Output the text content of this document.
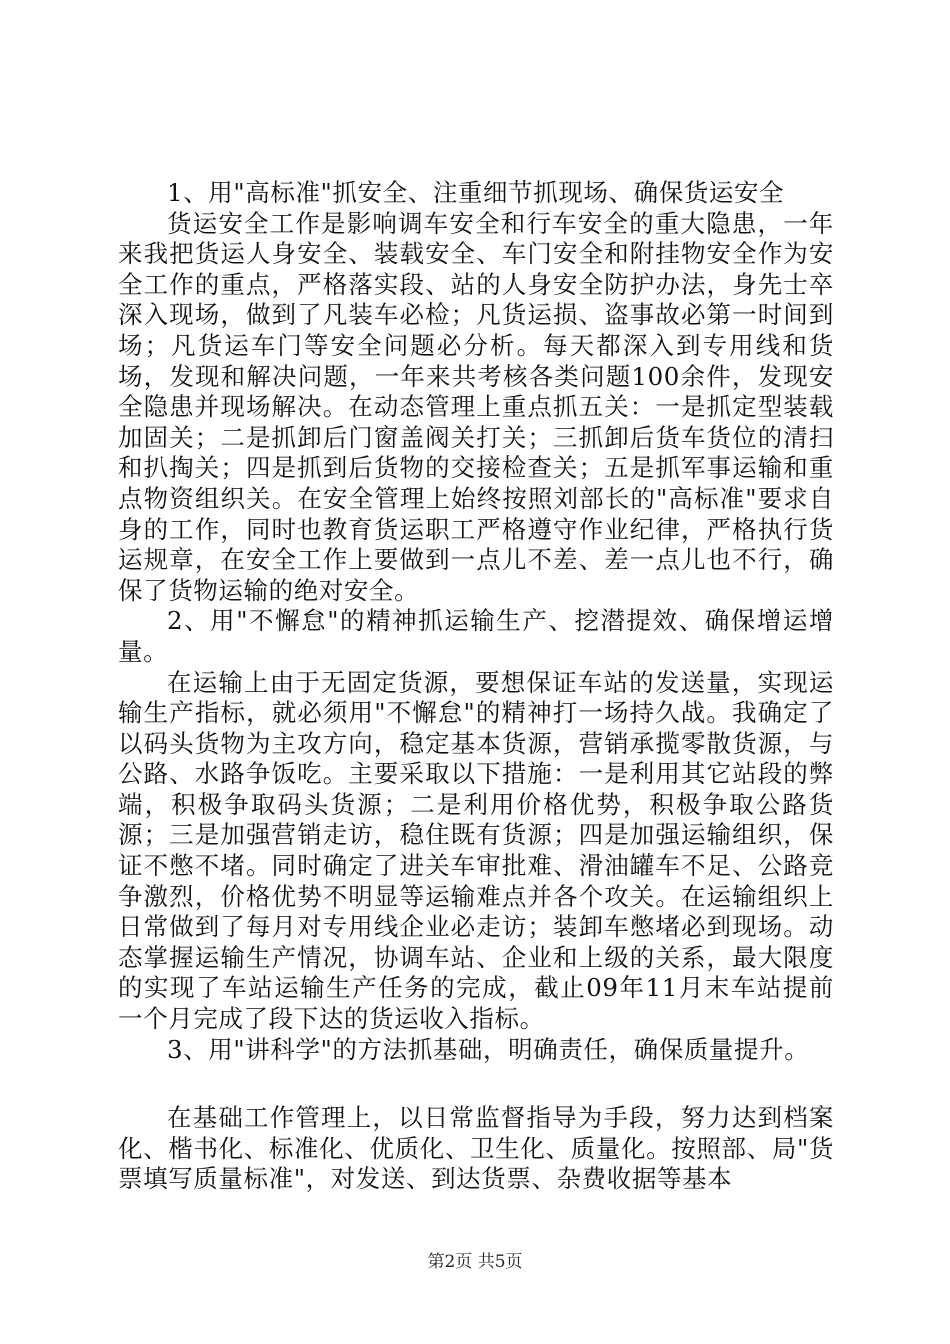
1、用"高标准"抓安全、注重细节抓现场、确保货运安全

货运安全工作是影响调车安全和行车安全的重大隐患，一年来我把货运人身安全、装载安全、车门安全和附挂物安全作为安全工作的重点，严格落实段、站的人身安全防护办法，身先士卒深入现场，做到了凡装车必检；凡货运损、盗事故必第一时间到场；凡货运车门等安全问题必分析。每天都深入到专用线和货场，发现和解决问题，一年来共考核各类问题100余件，发现安全隐患并现场解决。在动态管理上重点抓五关：一是抓定型装载加固关；二是抓卸后门窗盖阀关打关；三抓卸后货车货位的清扫和扒掏关；四是抓到后货物的交接检查关；五是抓军事运输和重点物资组织关。在安全管理上始终按照刘部长的"高标准"要求自身的工作，同时也教育货运职工严格遵守作业纪律，严格执行货运规章，在安全工作上要做到一点儿不差、差一点儿也不行，确保了货物运输的绝对安全。

2、用"不懈怠"的精神抓运输生产、挖潜提效、确保增运增量。

在运输上由于无固定货源，要想保证车站的发送量，实现运输生产指标，就必须用"不懈怠"的精神打一场持久战。我确定了以码头货物为主攻方向，稳定基本货源，营销承揽零散货源，与公路、水路争饭吃。主要采取以下措施：一是利用其它站段的弊端，积极争取码头货源；二是利用价格优势，积极争取公路货源；三是加强营销走访，稳住既有货源；四是加强运输组织，保证不憋不堵。同时确定了进关车审批难、滑油罐车不足、公路竞争激烈，价格优势不明显等运输难点并各个攻关。在运输组织上日常做到了每月对专用线企业必走访；装卸车憋堵必到现场。动态掌握运输生产情况，协调车站、企业和上级的关系，最大限度的实现了车站运输生产任务的完成，截止09年11月末车站提前一个月完成了段下达的货运收入指标。

3、用"讲科学"的方法抓基础，明确责任，确保质量提升。

在基础工作管理上，以日常监督指导为手段，努力达到档案化、楷书化、标准化、优质化、卫生化、质量化。按照部、局"货票填写质量标准"，对发送、到达货票、杂费收据等基本

第2页 共5页
